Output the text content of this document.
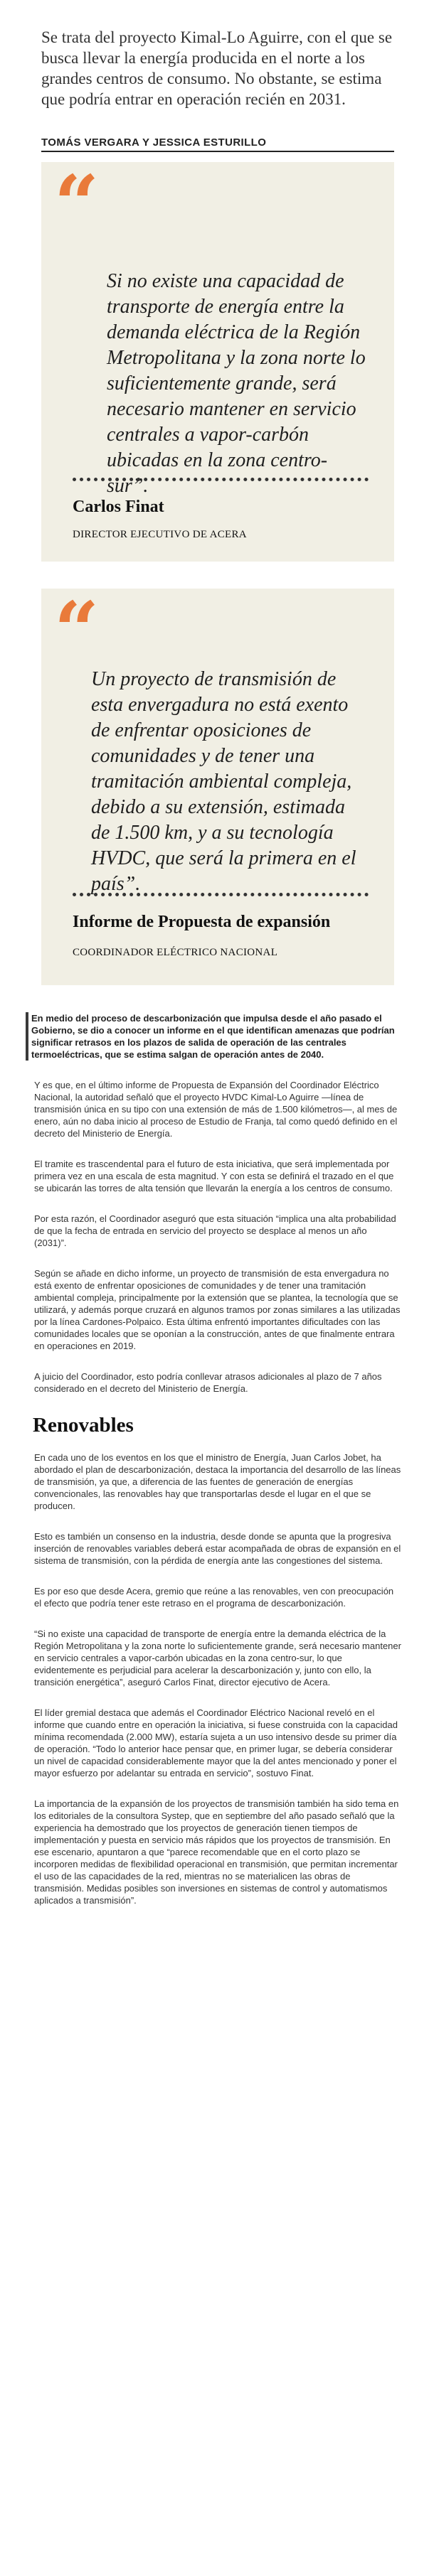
Se trata del proyecto Kimal-Lo Aguirre, con el que se busca llevar la energía producida en el norte a los grandes centros de consumo. No obstante, se estima que podría entrar en operación recién en 2031.

TOMÁS VERGARA Y JESSICA ESTURILLO
“
Si no existe una capacidad de transporte de energía entre la demanda eléctrica de la Región Metropolitana y la zona norte lo suficientemente grande, será necesario mantener en servicio centrales a vapor-carbón ubicadas en la zona centro-sur”.
Carlos Finat
DIRECTOR EJECUTIVO DE ACERA
“
Un proyecto de transmisión de esta envergadura no está exento de enfrentar oposiciones de comunidades y de tener una tramitación ambiental compleja, debido a su extensión, estimada de 1.500 km, y a su tecnología HVDC, que será la primera en el país”.
Informe de Propuesta de expansión
COORDINADOR ELÉCTRICO NACIONAL

En medio del proceso de descarbonización que impulsa desde el año pasado el Gobierno, se dio a conocer un informe en el que identifican amenazas que podrían significar retrasos en los plazos de salida de operación de las centrales termoeléctricas, que se estima salgan de operación antes de 2040.

Y es que, en el último informe de Propuesta de Expansión del Coordinador Eléctrico Nacional, la autoridad señaló que el proyecto HVDC Kimal-Lo Aguirre —línea de transmisión única en su tipo con una extensión de más de 1.500 kilómetros—, al mes de enero, aún no daba inicio al proceso de Estudio de Franja, tal como quedó definido en el decreto del Ministerio de Energía.

El tramite es trascendental para el futuro de esta iniciativa, que será implementada por primera vez en una escala de esta magnitud. Y con esta se definirá el trazado en el que se ubicarán las torres de alta tensión que llevarán la energía a los centros de consumo.

Por esta razón, el Coordinador aseguró que esta situación “implica una alta probabilidad de que la fecha de entrada en servicio del proyecto se desplace al menos un año (2031)”.

Según se añade en dicho informe, un proyecto de transmisión de esta envergadura no está exento de enfrentar oposiciones de comunidades y de tener una tramitación ambiental compleja, principalmente por la extensión que se plantea, la tecnología que se utilizará, y además porque cruzará en algunos tramos por zonas similares a las utilizadas por la línea Cardones-Polpaico. Esta última enfrentó importantes dificultades con las comunidades locales que se oponían a la construcción, antes de que finalmente entrara en operaciones en 2019.

A juicio del Coordinador, esto podría conllevar atrasos adicionales al plazo de 7 años considerado en el decreto del Ministerio de Energía.

Renovables

En cada uno de los eventos en los que el ministro de Energía, Juan Carlos Jobet, ha abordado el plan de descarbonización, destaca la importancia del desarrollo de las líneas de transmisión, ya que, a diferencia de las fuentes de generación de energías convencionales, las renovables hay que transportarlas desde el lugar en el que se producen.

Esto es también un consenso en la industria, desde donde se apunta que la progresiva inserción de renovables variables deberá estar acompañada de obras de expansión en el sistema de transmisión, con la pérdida de energía ante las congestiones del sistema.

Es por eso que desde Acera, gremio que reúne a las renovables, ven con preocupación el efecto que podría tener este retraso en el programa de descarbonización.

“Si no existe una capacidad de transporte de energía entre la demanda eléctrica de la Región Metropolitana y la zona norte lo suficientemente grande, será necesario mantener en servicio centrales a vapor-carbón ubicadas en la zona centro-sur, lo que evidentemente es perjudicial para acelerar la descarbonización y, junto con ello, la transición energética”, aseguró Carlos Finat, director ejecutivo de Acera.

El líder gremial destaca que además el Coordinador Eléctrico Nacional reveló en el informe que cuando entre en operación la iniciativa, si fuese construida con la capacidad mínima recomendada (2.000 MW), estaría sujeta a un uso intensivo desde su primer día de operación. “Todo lo anterior hace pensar que, en primer lugar, se debería considerar un nivel de capacidad considerablemente mayor que la del antes mencionado y poner el mayor esfuerzo por adelantar su entrada en servicio”, sostuvo Finat.

La importancia de la expansión de los proyectos de transmisión también ha sido tema en los editoriales de la consultora Systep, que en septiembre del año pasado señaló que la experiencia ha demostrado que los proyectos de generación tienen tiempos de implementación y puesta en servicio más rápidos que los proyectos de transmisión. En ese escenario, apuntaron a que “parece recomendable que en el corto plazo se incorporen medidas de flexibilidad operacional en transmisión, que permitan incrementar el uso de las capacidades de la red, mientras no se materialicen las obras de transmisión. Medidas posibles son inversiones en sistemas de control y automatismos aplicados a transmisión”.
